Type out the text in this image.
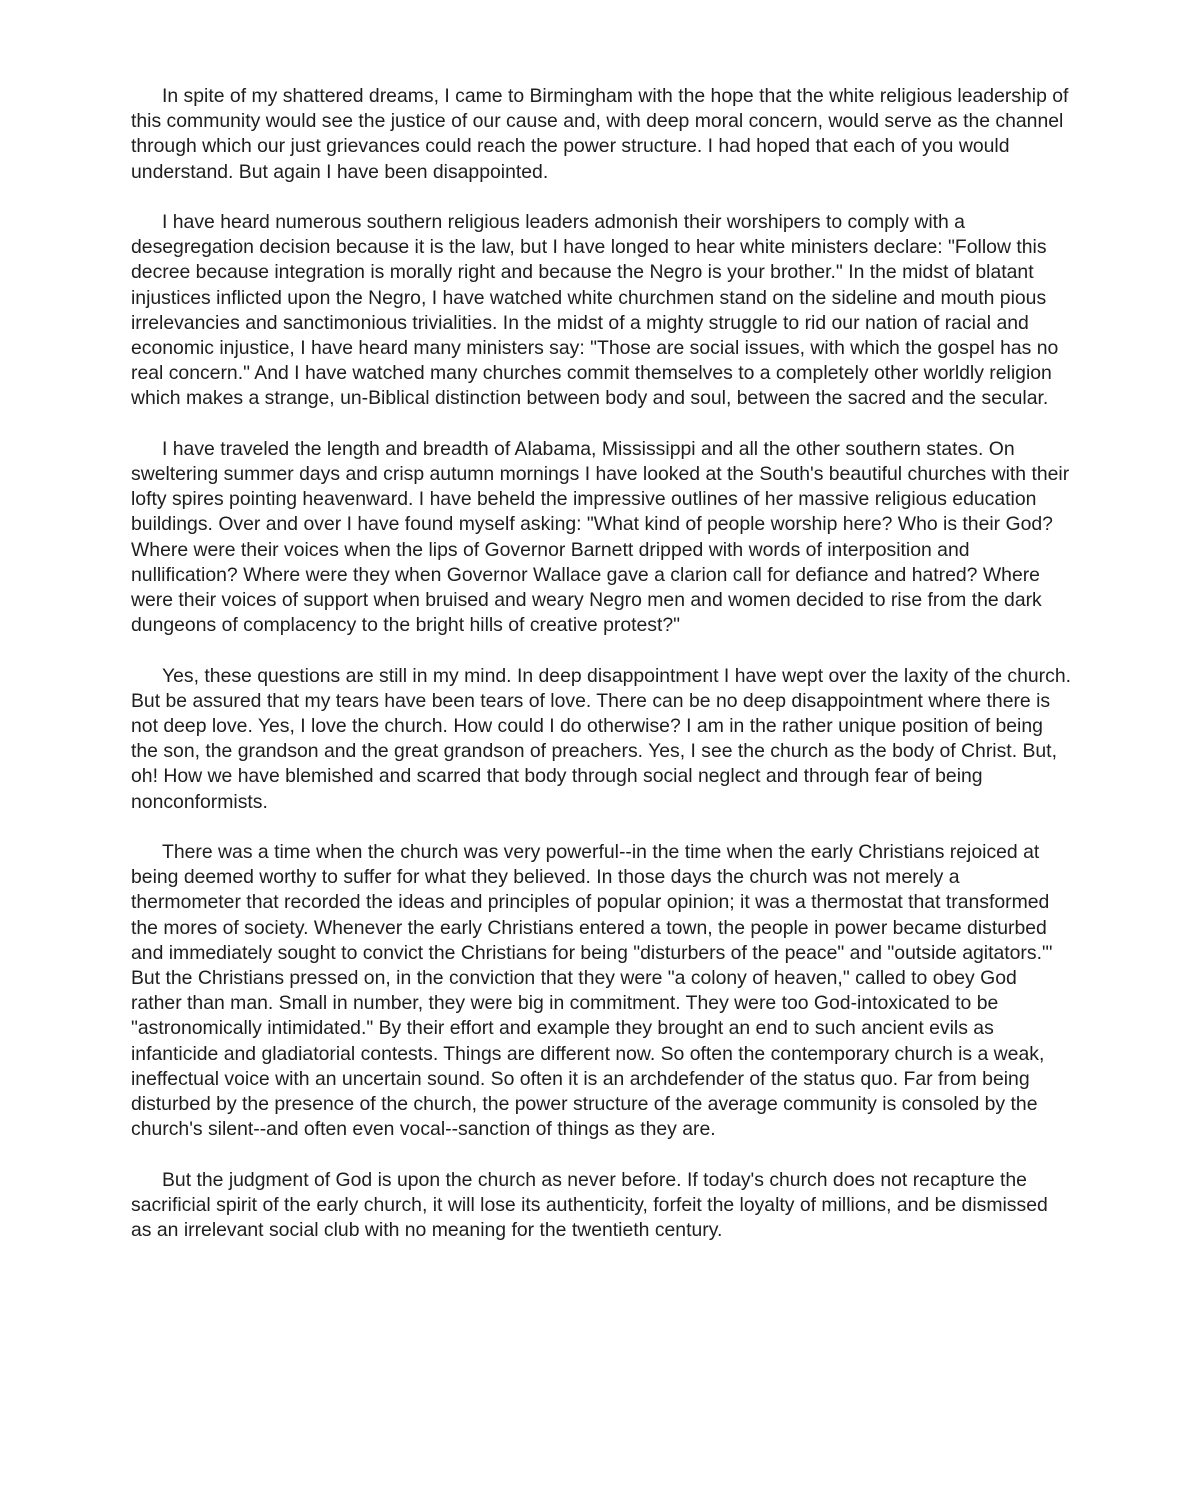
In spite of my shattered dreams, I came to Birmingham with the hope that the white religious leadership of this community would see the justice of our cause and, with deep moral concern, would serve as the channel through which our just grievances could reach the power structure. I had hoped that each of you would understand. But again I have been disappointed.

I have heard numerous southern religious leaders admonish their worshipers to comply with a desegregation decision because it is the law, but I have longed to hear white ministers declare: "Follow this decree because integration is morally right and because the Negro is your brother." In the midst of blatant injustices inflicted upon the Negro, I have watched white churchmen stand on the sideline and mouth pious irrelevancies and sanctimonious trivialities. In the midst of a mighty struggle to rid our nation of racial and economic injustice, I have heard many ministers say: "Those are social issues, with which the gospel has no real concern." And I have watched many churches commit themselves to a completely other worldly religion which makes a strange, un-Biblical distinction between body and soul, between the sacred and the secular.

I have traveled the length and breadth of Alabama, Mississippi and all the other southern states. On sweltering summer days and crisp autumn mornings I have looked at the South's beautiful churches with their lofty spires pointing heavenward. I have beheld the impressive outlines of her massive religious education buildings. Over and over I have found myself asking: "What kind of people worship here? Who is their God? Where were their voices when the lips of Governor Barnett dripped with words of interposition and nullification? Where were they when Governor Wallace gave a clarion call for defiance and hatred? Where were their voices of support when bruised and weary Negro men and women decided to rise from the dark dungeons of complacency to the bright hills of creative protest?"

Yes, these questions are still in my mind. In deep disappointment I have wept over the laxity of the church. But be assured that my tears have been tears of love. There can be no deep disappointment where there is not deep love. Yes, I love the church. How could I do otherwise? I am in the rather unique position of being the son, the grandson and the great grandson of preachers. Yes, I see the church as the body of Christ. But, oh! How we have blemished and scarred that body through social neglect and through fear of being nonconformists.

There was a time when the church was very powerful--in the time when the early Christians rejoiced at being deemed worthy to suffer for what they believed. In those days the church was not merely a thermometer that recorded the ideas and principles of popular opinion; it was a thermostat that transformed the mores of society. Whenever the early Christians entered a town, the people in power became disturbed and immediately sought to convict the Christians for being "disturbers of the peace" and "outside agitators."' But the Christians pressed on, in the conviction that they were "a colony of heaven," called to obey God rather than man. Small in number, they were big in commitment. They were too God-intoxicated to be "astronomically intimidated." By their effort and example they brought an end to such ancient evils as infanticide and gladiatorial contests. Things are different now. So often the contemporary church is a weak, ineffectual voice with an uncertain sound. So often it is an archdefender of the status quo. Far from being disturbed by the presence of the church, the power structure of the average community is consoled by the church's silent--and often even vocal--sanction of things as they are.

But the judgment of God is upon the church as never before. If today's church does not recapture the sacrificial spirit of the early church, it will lose its authenticity, forfeit the loyalty of millions, and be dismissed as an irrelevant social club with no meaning for the twentieth century.
